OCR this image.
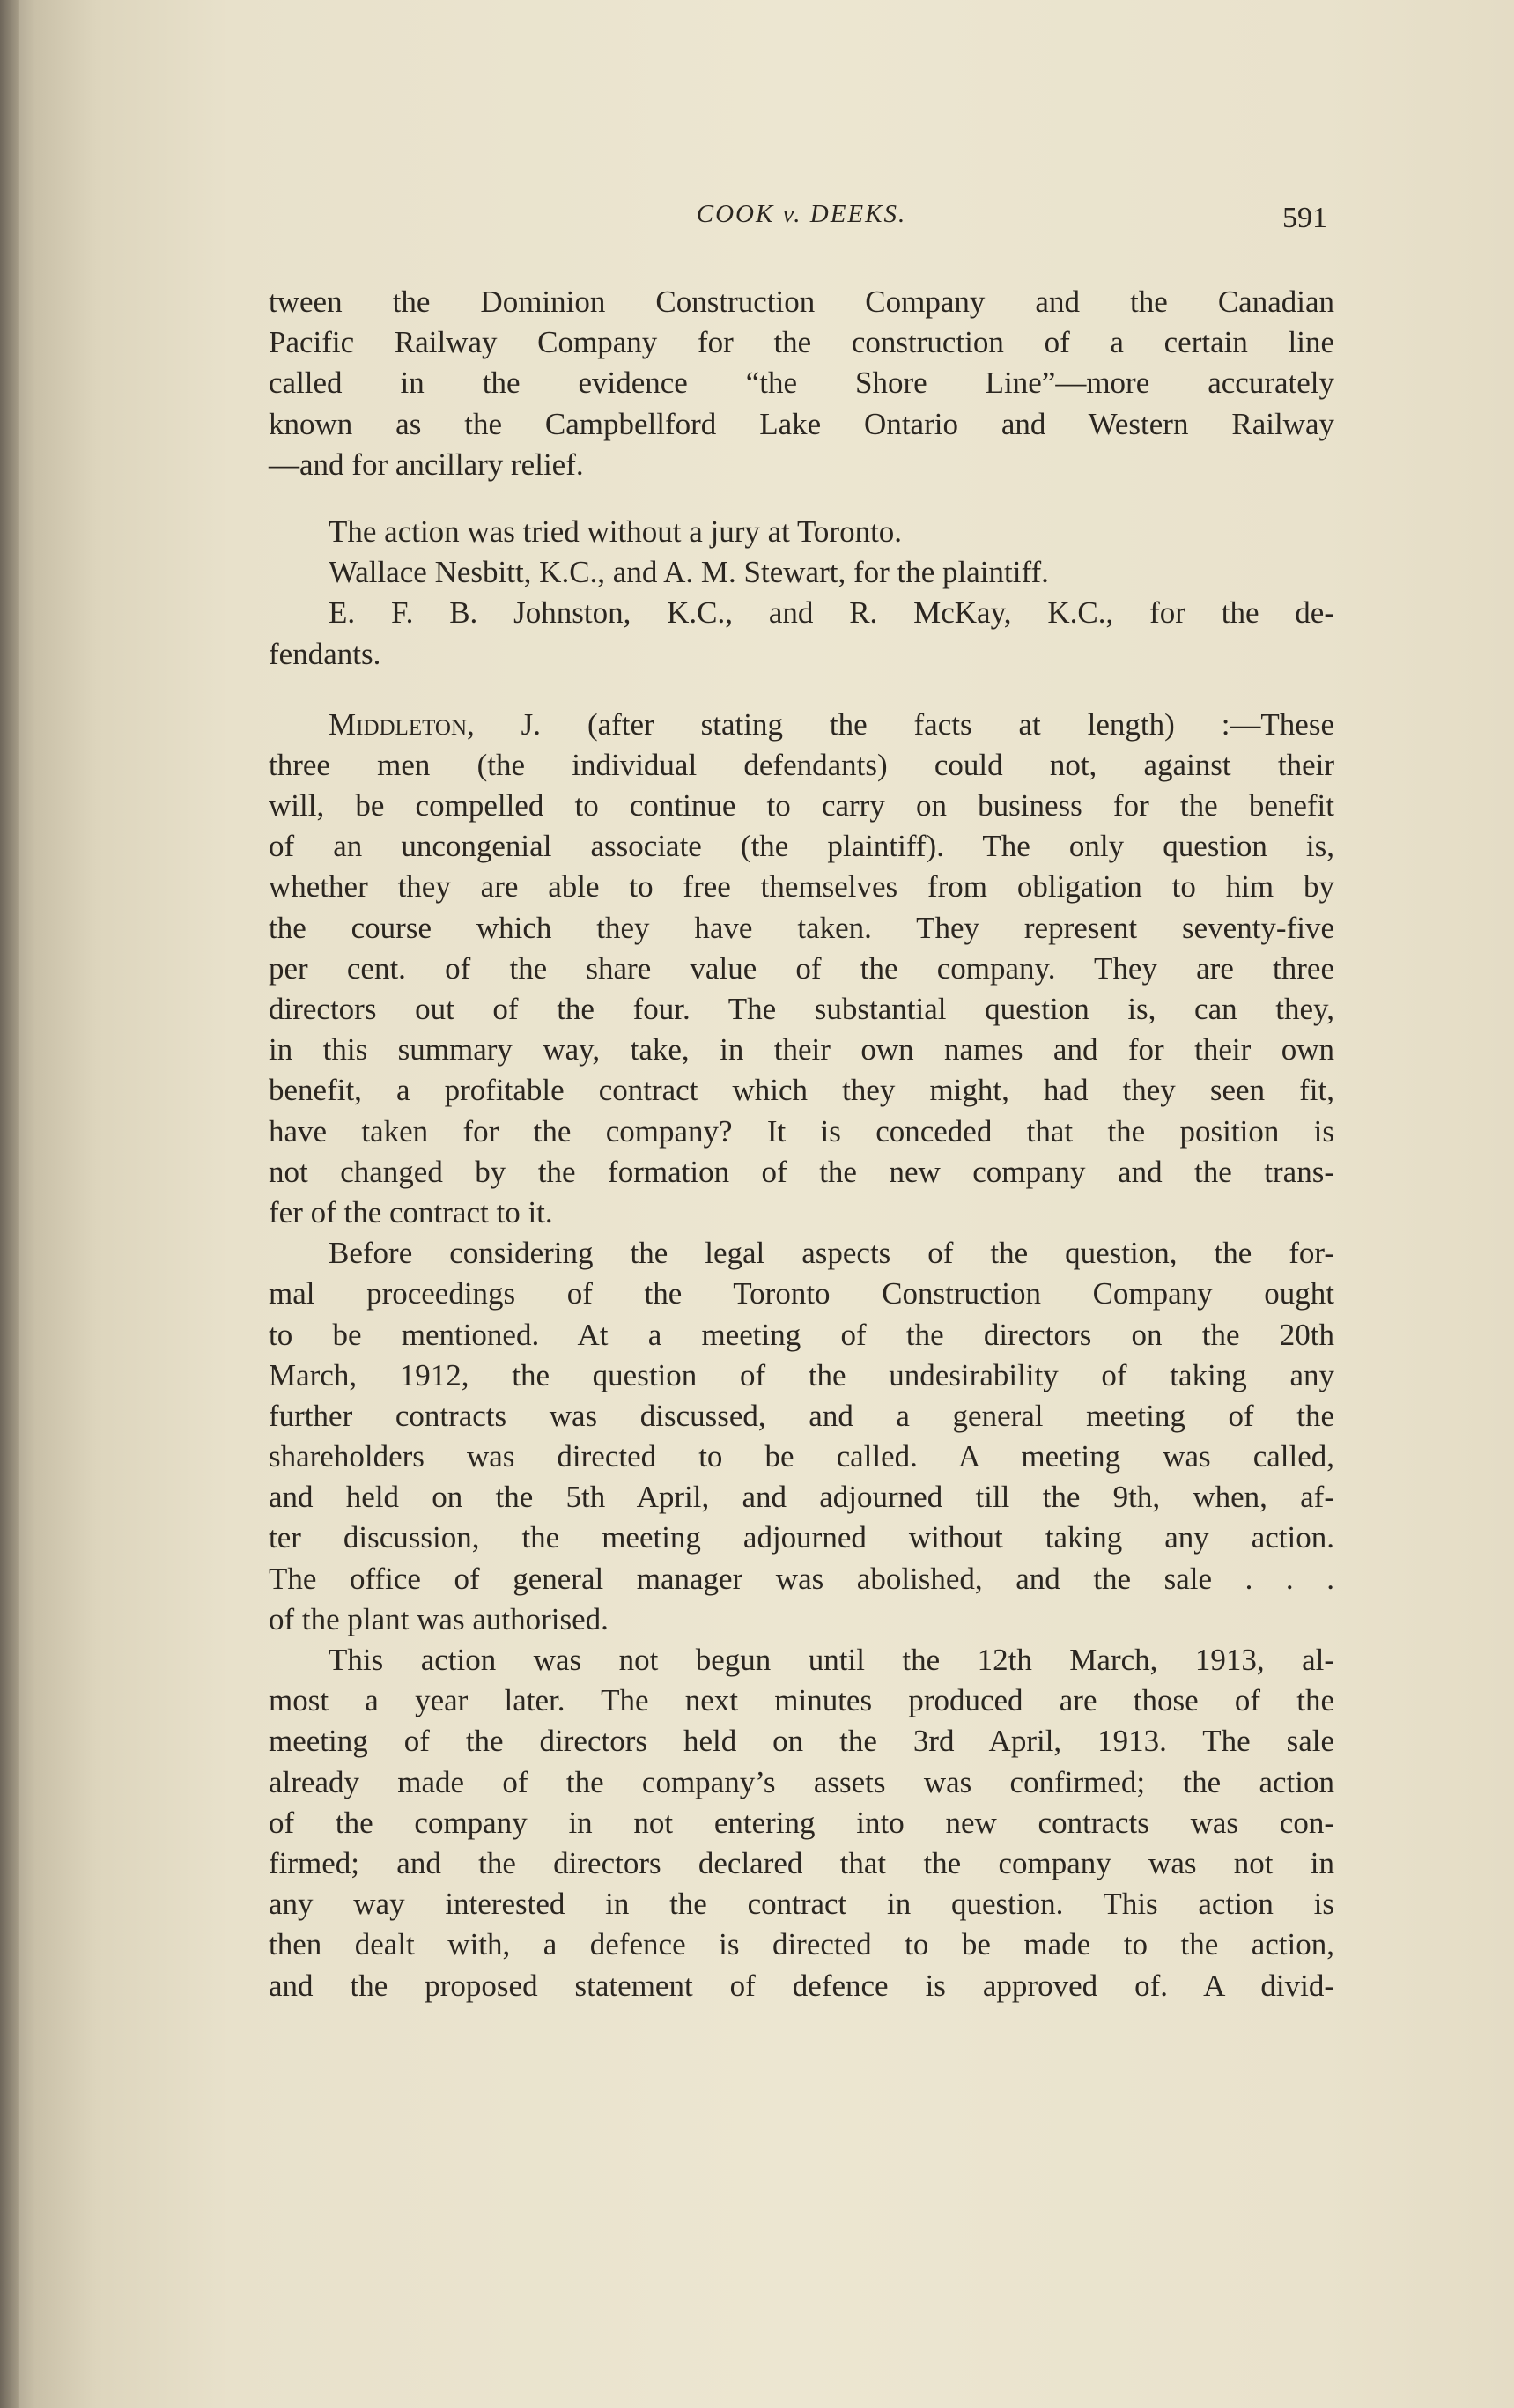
COOK v. DEEKS.	591
tween the Dominion Construction Company and the Canadian
Pacific Railway Company for the construction of a certain line
called in the evidence “the Shore Line”—more accurately
known as the Campbellford Lake Ontario and Western Railway
—and for ancillary relief.
The action was tried without a jury at Toronto.
Wallace Nesbitt, K.C., and A. M. Stewart, for the plaintiff.
E. F. B. Johnston, K.C., and R. McKay, K.C., for the de-
fendants.
Middleton, J. (after stating the facts at length) :—These
three men (the individual defendants) could not, against their
will, be compelled to continue to carry on business for the benefit
of an uncongenial associate (the plaintiff). The only question is,
whether they are able to free themselves from obligation to him by
the course which they have taken. They represent seventy-five
per cent. of the share value of the company. They are three
directors out of the four. The substantial question is, can they,
in this summary way, take, in their own names and for their own
benefit, a profitable contract which they might, had they seen fit,
have taken for the company? It is conceded that the position is
not changed by the formation of the new company and the trans-
fer of the contract to it.
Before considering the legal aspects of the question, the for-
mal proceedings of the Toronto Construction Company ought
to be mentioned. At a meeting of the directors on the 20th
March, 1912, the question of the undesirability of taking any
further contracts was discussed, and a general meeting of the
shareholders was directed to be called. A meeting was called,
and held on the 5th April, and adjourned till the 9th, when, af-
ter discussion, the meeting adjourned without taking any action.
The office of general manager was abolished, and the sale . . .
of the plant was authorised.
This action was not begun until the 12th March, 1913, al-
most a year later. The next minutes produced are those of the
meeting of the directors held on the 3rd April, 1913. The sale
already made of the company’s assets was confirmed; the action
of the company in not entering into new contracts was con-
firmed; and the directors declared that the company was not in
any way interested in the contract in question. This action is
then dealt with, a defence is directed to be made to the action,
and the proposed statement of defence is approved of. A divid-
